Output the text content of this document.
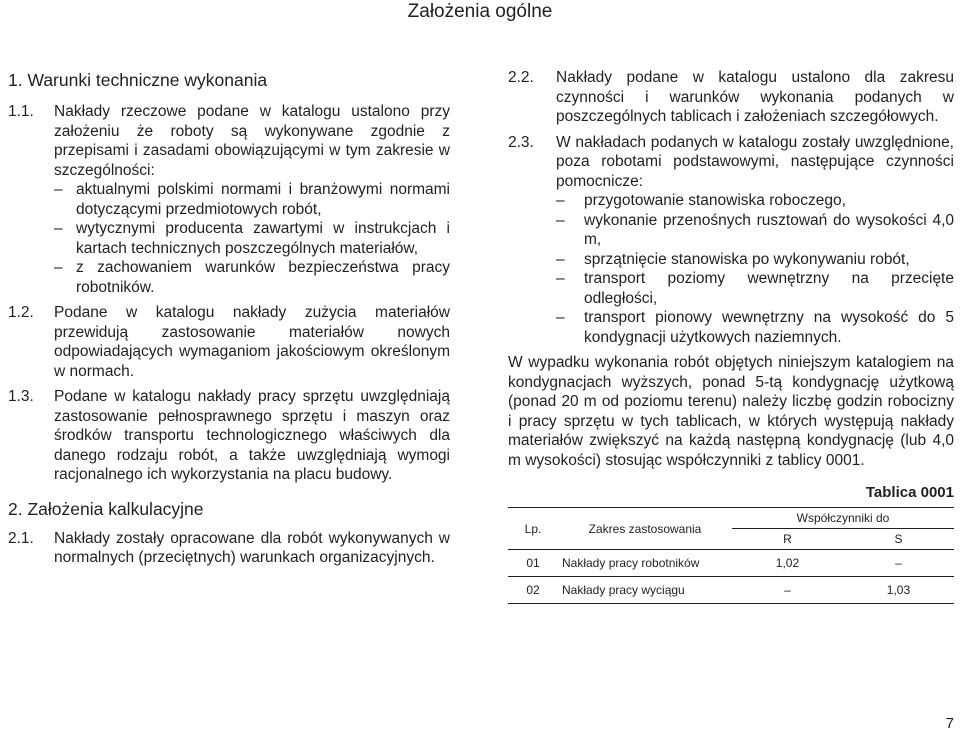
Założenia ogólne
1. Warunki techniczne wykonania
1.1.	Nakłady rzeczowe podane w katalogu ustalono przy założeniu że roboty są wykonywane zgodnie z przepisami i zasadami obowiązującymi w tym zakresie w szczególności:
– aktualnymi polskimi normami i branżowymi normami dotyczącymi przedmiotowych robót,
– wytycznymi producenta zawartymi w instrukcjach i kartach technicznych poszczególnych materiałów,
– z zachowaniem warunków bezpieczeństwa pracy robotników.
1.2.	Podane w katalogu nakłady zużycia materiałów przewidują zastosowanie materiałów nowych odpowiadających wymaganiom jakościowym określonym w normach.
1.3.	Podane w katalogu nakłady pracy sprzętu uwzględniają zastosowanie pełnosprawnego sprzętu i maszyn oraz środków transportu technologicznego właściwych dla danego rodzaju robót, a także uwzględniają wymogi racjonalnego ich wykorzystania na placu budowy.
2. Założenia kalkulacyjne
2.1.	Nakłady zostały opracowane dla robót wykonywanych w normalnych (przeciętnych) warunkach organizacyjnych.
2.2.	Nakłady podane w katalogu ustalono dla zakresu czynności i warunków wykonania podanych w poszczególnych tablicach i założeniach szczegółowych.
2.3.	W nakładach podanych w katalogu zostały uwzględnione, poza robotami podstawowymi, następujące czynności pomocnicze:
– przygotowanie stanowiska roboczego,
– wykonanie przenośnych rusztowań do wysokości 4,0 m,
– sprzątnięcie stanowiska po wykonywaniu robót,
– transport poziomy wewnętrzny na przecięte odległości,
– transport pionowy wewnętrzny na wysokość do 5 kondygnacji użytkowych naziemnych.
W wypadku wykonania robót objętych niniejszym katalogiem na kondygnacjach wyższych, ponad 5-tą kondygnację użytkową (ponad 20 m od poziomu terenu) należy liczbę godzin robocizny i pracy sprzętu w tych tablicach, w których występują nakłady materiałów zwiększyć na każdą następną kondygnację (lub 4,0 m wysokości) stosując współczynniki z tablicy 0001.
Tablica 0001
Lp.	Zakres zastosowania	Współczynniki do	
		R	S
01	Nakłady pracy robotników	1,02	–
02	Nakłady pracy wyciągu	–	1,03
7
